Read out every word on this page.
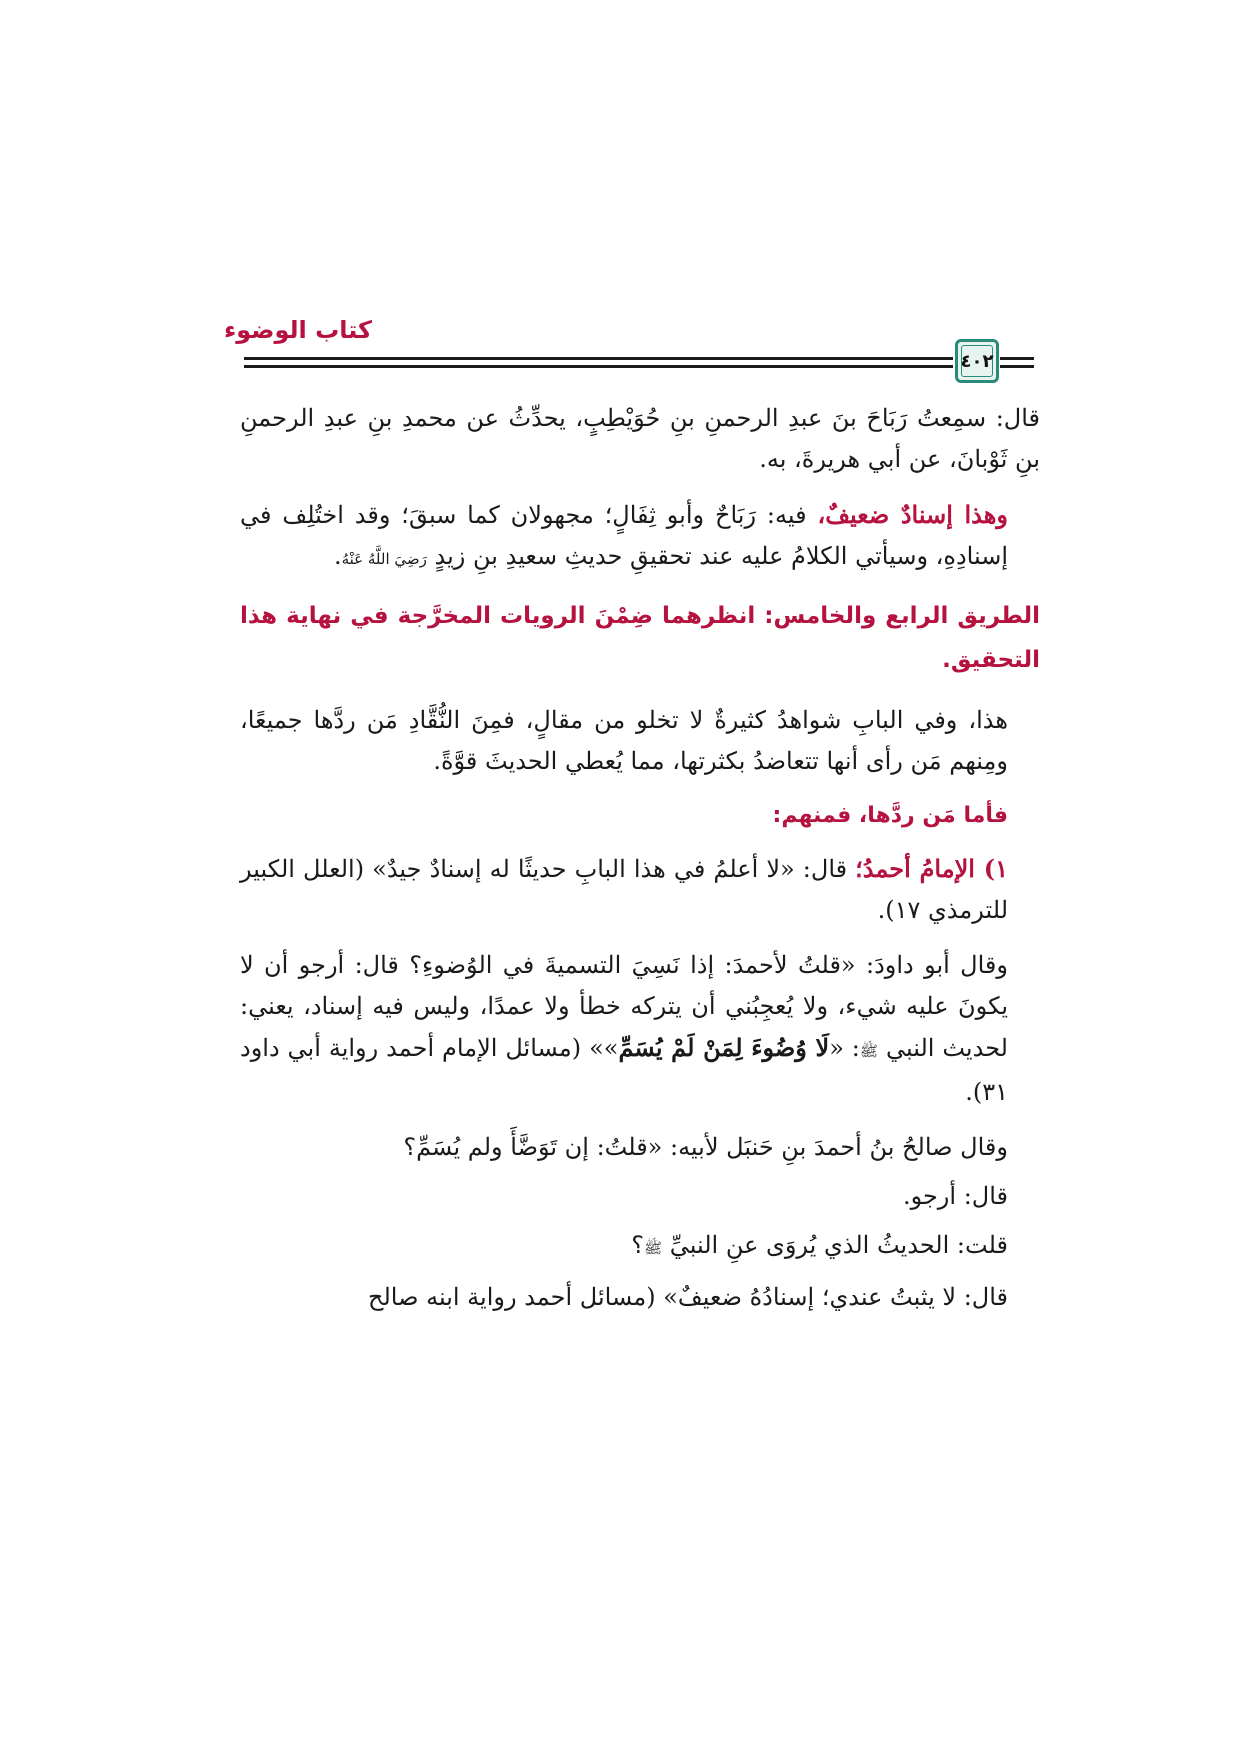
كتاب الوضوء
٤٠٢

قال: سمِعتُ رَبَاحَ بنَ عبدِ الرحمنِ بنِ حُوَيْطِبٍ، يحدِّثُ عن محمدِ بنِ عبدِ الرحمنِ بنِ ثَوْبانَ، عن أبي هريرةَ، به.

وهذا إسنادٌ ضعيفٌ، فيه: رَبَاحٌ وأبو ثِفَالٍ؛ مجهولان كما سبقَ؛ وقد اختُلِف في إسنادِهِ، وسيأتي الكلامُ عليه عند تحقيقِ حديثِ سعيدِ بنِ زيدٍ رَضِيَ اللَّهُ عَنْهُ.

الطريق الرابع والخامس: انظرهما ضِمْنَ الرويات المخرَّجة في نهاية هذا التحقيق.

هذا، وفي البابِ شواهدُ كثيرةٌ لا تخلو من مقالٍ، فمِنَ النُّقَّادِ مَن ردَّها جميعًا، ومِنهم مَن رأى أنها تتعاضدُ بكثرتها، مما يُعطي الحديثَ قوَّةً.

فأما مَن ردَّها، فمنهم:

١) الإمامُ أحمدُ؛ قال: «لا أعلمُ في هذا البابِ حديثًا له إسنادٌ جيدٌ» (العلل الكبير للترمذي ١٧).

وقال أبو داودَ: «قلتُ لأحمدَ: إذا نَسِيَ التسميةَ في الوُضوءِ؟ قال: أرجو أن لا يكونَ عليه شيء، ولا يُعجِبُني أن يتركه خطأ ولا عمدًا، وليس فيه إسناد، يعني: لحديث النبي ﷺ: «لَا وُضُوءَ لِمَنْ لَمْ يُسَمِّ»» (مسائل الإمام أحمد رواية أبي داود ٣١).

وقال صالحُ بنُ أحمدَ بنِ حَنبَل لأبيه: «قلتُ: إن تَوَضَّأَ ولم يُسَمِّ؟

قال: أرجو.

قلت: الحديثُ الذي يُروَى عنِ النبيِّ ﷺ؟

قال: لا يثبتُ عندي؛ إسنادُهُ ضعيفٌ» (مسائل أحمد رواية ابنه صالح
